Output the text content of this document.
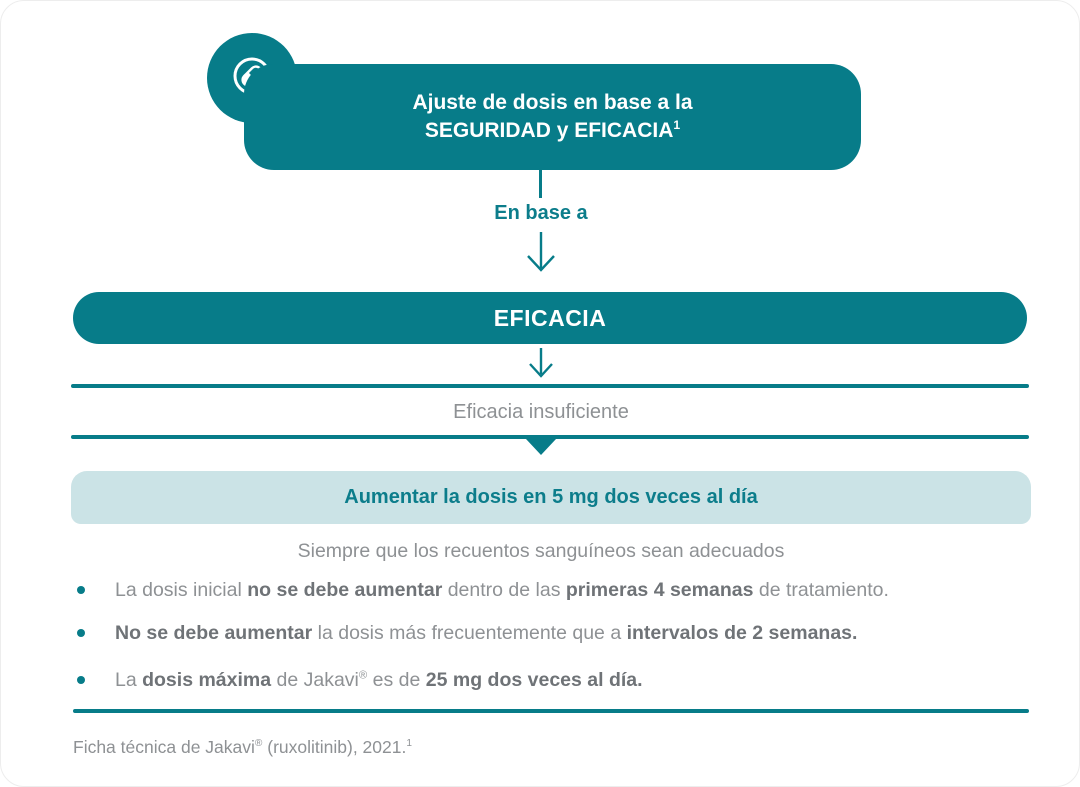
Ajuste de dosis en base a la
SEGURIDAD y EFICACIA$^1$
En base a
EFICACIA
Eficacia insuficiente
Aumentar la dosis en 5 mg dos veces al día
Siempre que los recuentos sanguíneos sean adecuados
La dosis inicial no se debe aumentar dentro de las primeras 4 semanas de tratamiento.
No se debe aumentar la dosis más frecuentemente que a intervalos de 2 semanas.
La dosis máxima de Jakavi® es de 25 mg dos veces al día.
Ficha técnica de Jakavi® (ruxolitinib), 2021.$^1$
